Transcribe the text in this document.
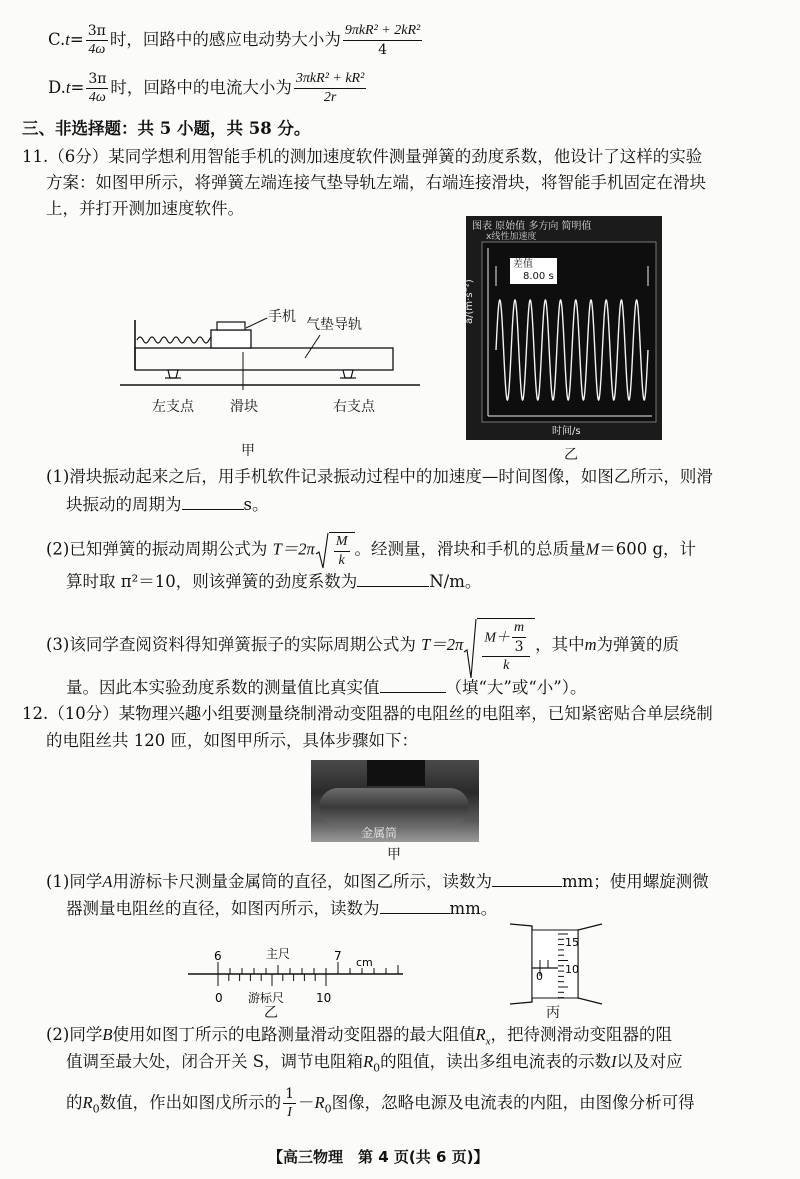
$C.t= \frac{3\pi}{4\omega}$ 时，回路中的感应电动势大小为 $\frac{\text{9πkR² + 2kR²}}{4}$
$D.t= \frac{3\pi}{4\omega}$ 时，回路中的电流大小为 $\frac{\text{3πkR² + kR²}}{2r}$
三、非选择题：共 5 小题，共 58 分。
11.（6分）某同学想利用智能手机的测加速度软件测量弹簧的劲度系数，他设计了这样的实验
方案：如图甲所示，将弹簧左端连接气垫导轨左端，右端连接滑块，将智能手机固定在滑块
上，并打开测加速度软件。
手机 气垫导轨
左支点	滑块	右支点
甲
图表 原始值 多方向 简明值
x线性加速度
差值
8.00 s
a/(m·s⁻²)
时间/s
乙
(1)滑块振动起来之后，用手机软件记录振动过程中的加速度—时间图像，如图乙所示，则滑
块振动的周期为	s。
(2)已知弹簧的振动周期公式为 $T=2\pi \frac{M}{k}$ 。经测量，滑块和手机的总质量M＝600 g，计
算时取 π²＝10，则该弹簧的劲度系数为	N/m。
(3)该同学查阅资料得知弹簧振子的实际周期公式为 $T=2\pi \frac{M+ \frac{m}{3}}{k}$ ，其中m为弹簧的质
量。因此本实验劲度系数的测量值比真实值	（填“大”或“小”）。
12.（10分）某物理兴趣小组要测量绕制滑动变阻器的电阻丝的电阻率，已知紧密贴合单层绕制
的电阻丝共 120 匝，如图甲所示，具体步骤如下：
金属筒
甲
(1)同学A用游标卡尺测量金属筒的直径，如图乙所示，读数为	mm；使用螺旋测微
器测量电阻丝的直径，如图丙所示，读数为	mm。
6	主尺	7 cm
0 游标尺	10
乙
15
10
0
丙
(2)同学B使用如图丁所示的电路测量滑动变阻器的最大阻值$R_x$，把待测滑动变阻器的阻
值调至最大处，闭合开关 S，调节电阻箱$R_0$的阻值，读出多组电流表的示数I以及对应
的$R_0$数值，作出如图戊所示的 $\frac{1}{I} -R_0$图像，忽略电源及电流表的内阻，由图像分析可得
【高三物理　第 4 页(共 6 页)】
